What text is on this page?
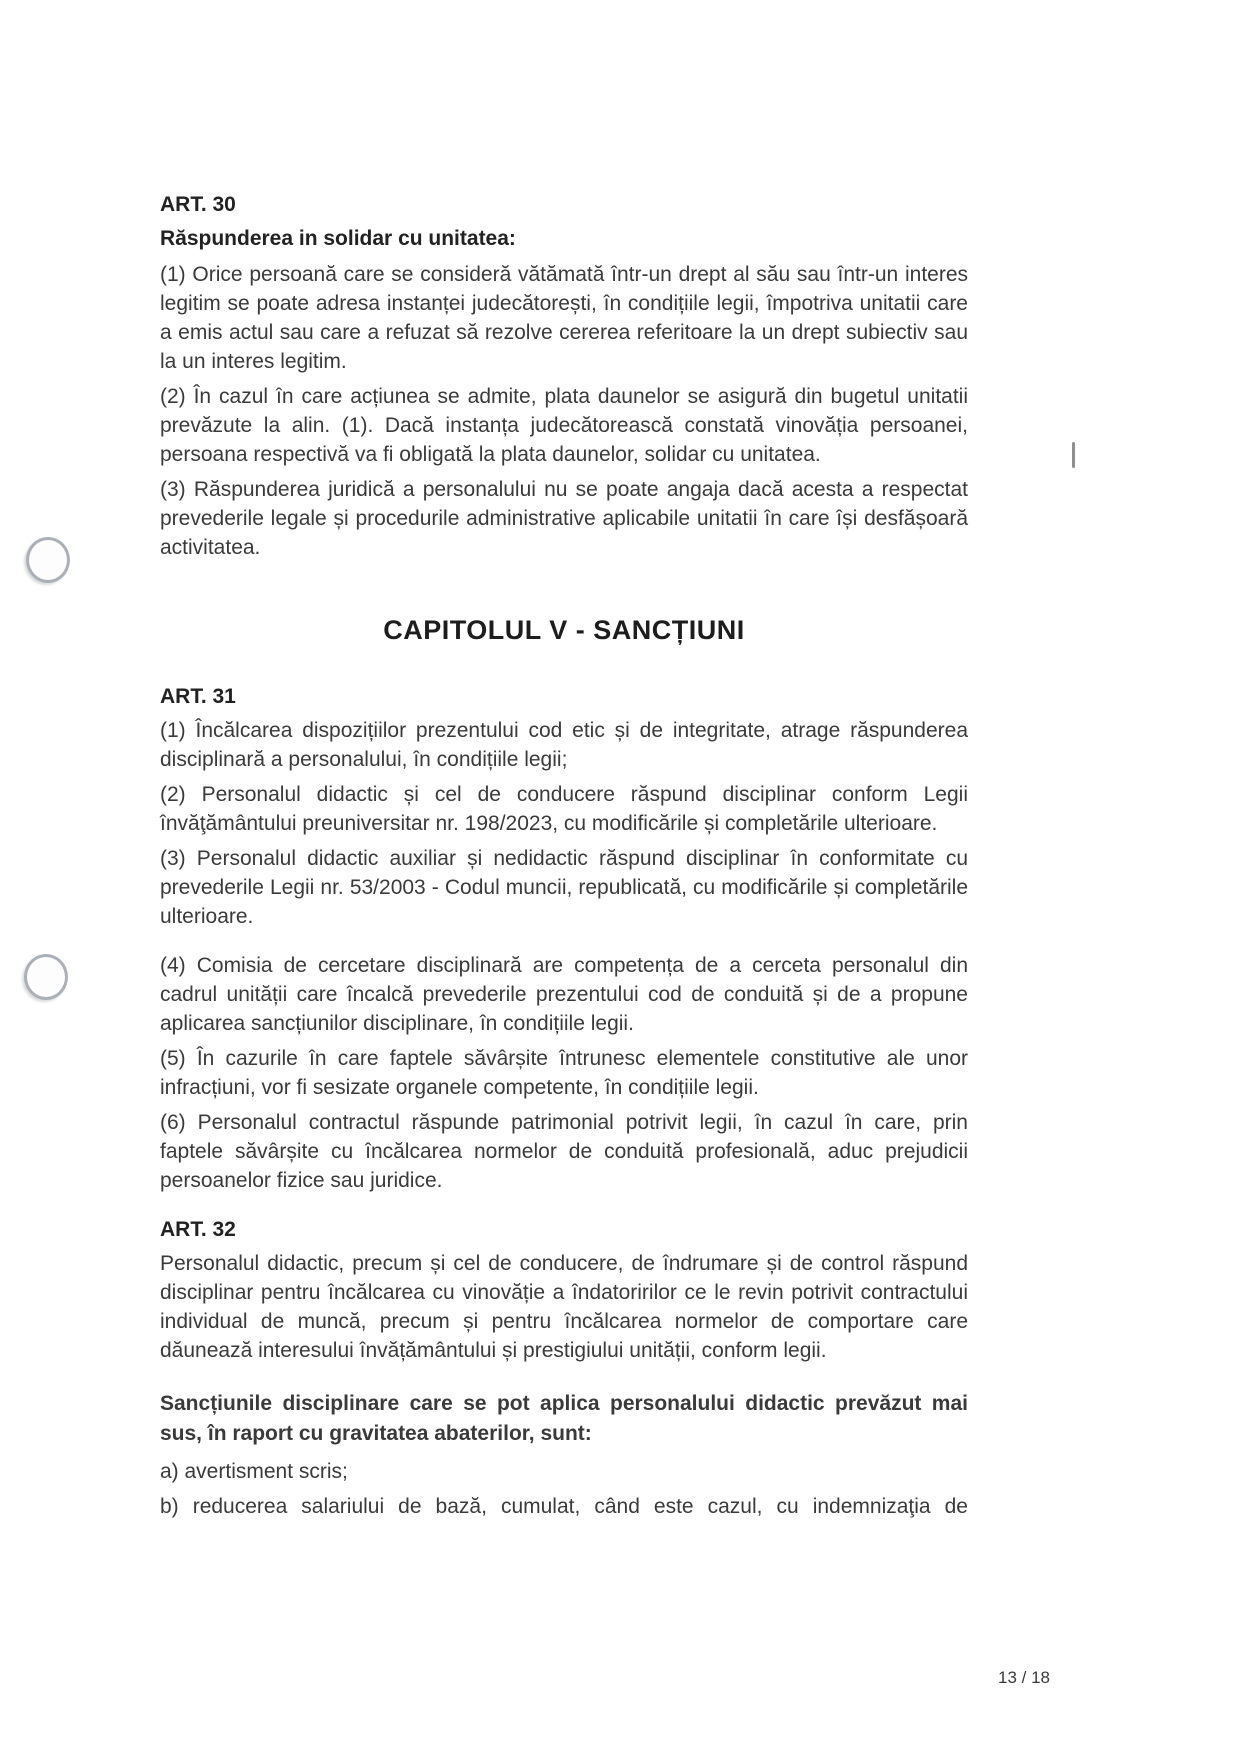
ART. 30
Răspunderea in solidar cu unitatea:

(1) Orice persoană care se consideră vătămată într-un drept al său sau într-un interes legitim se poate adresa instanței judecătorești, în condițiile legii, împotriva unitatii care a emis actul sau care a refuzat să rezolve cererea referitoare la un drept subiectiv sau la un interes legitim.

(2) În cazul în care acțiunea se admite, plata daunelor se asigură din bugetul unitatii prevăzute la alin. (1). Dacă instanța judecătorească constată vinovăția persoanei, persoana respectivă va fi obligată la plata daunelor, solidar cu unitatea.

(3) Răspunderea juridică a personalului nu se poate angaja dacă acesta a respectat prevederile legale și procedurile administrative aplicabile unitatii în care își desfășoară activitatea.

CAPITOLUL V - SANCȚIUNI
ART. 31

(1) Încălcarea dispozițiilor prezentului cod etic și de integritate, atrage răspunderea disciplinară a personalului, în condițiile legii;

(2) Personalul didactic și cel de conducere răspund disciplinar conform Legii învăţământului preuniversitar nr. 198/2023, cu modificările și completările ulterioare.

(3) Personalul didactic auxiliar și nedidactic răspund disciplinar în conformitate cu prevederile Legii nr. 53/2003 - Codul muncii, republicată, cu modificările și completările ulterioare.

(4) Comisia de cercetare disciplinară are competența de a cerceta personalul din cadrul unității care încalcă prevederile prezentului cod de conduită și de a propune aplicarea sancțiunilor disciplinare, în condițiile legii.

(5) În cazurile în care faptele săvârșite întrunesc elementele constitutive ale unor infracțiuni, vor fi sesizate organele competente, în condițiile legii.

(6) Personalul contractul răspunde patrimonial potrivit legii, în cazul în care, prin faptele săvârșite cu încălcarea normelor de conduită profesională, aduc prejudicii persoanelor fizice sau juridice.

ART. 32

Personalul didactic, precum și cel de conducere, de îndrumare și de control răspund disciplinar pentru încălcarea cu vinovăție a îndatoririlor ce le revin potrivit contractului individual de muncă, precum și pentru încălcarea normelor de comportare care dăunează interesului învățământului și prestigiului unității, conform legii.

Sancțiunile disciplinare care se pot aplica personalului didactic prevăzut mai sus, în raport cu gravitatea abaterilor, sunt:

a) avertisment scris;

b) reducerea salariului de bază, cumulat, când este cazul, cu indemnizaţia de

13 / 18
